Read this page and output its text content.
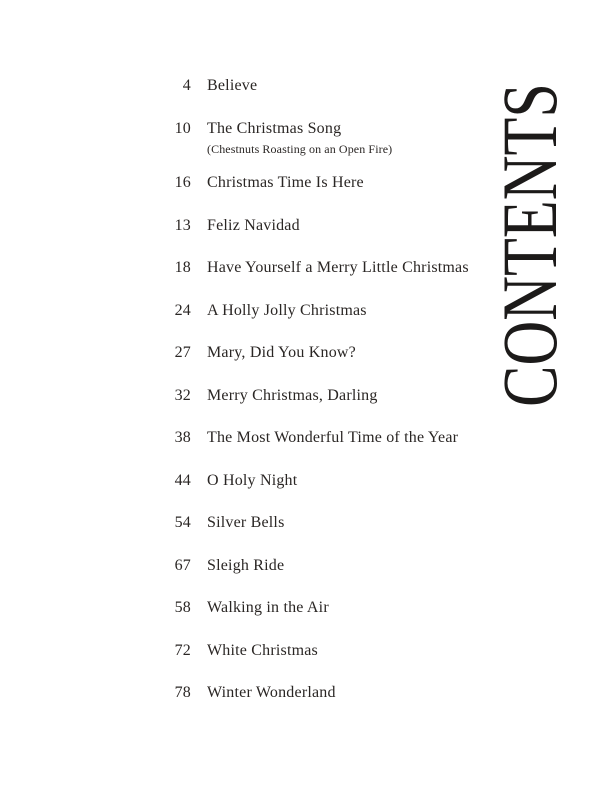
CONTENTS
4 Believe
10 The Christmas Song
(Chestnuts Roasting on an Open Fire)
16 Christmas Time Is Here
13 Feliz Navidad
18 Have Yourself a Merry Little Christmas
24 A Holly Jolly Christmas
27 Mary, Did You Know?
32 Merry Christmas, Darling
38 The Most Wonderful Time of the Year
44 O Holy Night
54 Silver Bells
67 Sleigh Ride
58 Walking in the Air
72 White Christmas
78 Winter Wonderland
